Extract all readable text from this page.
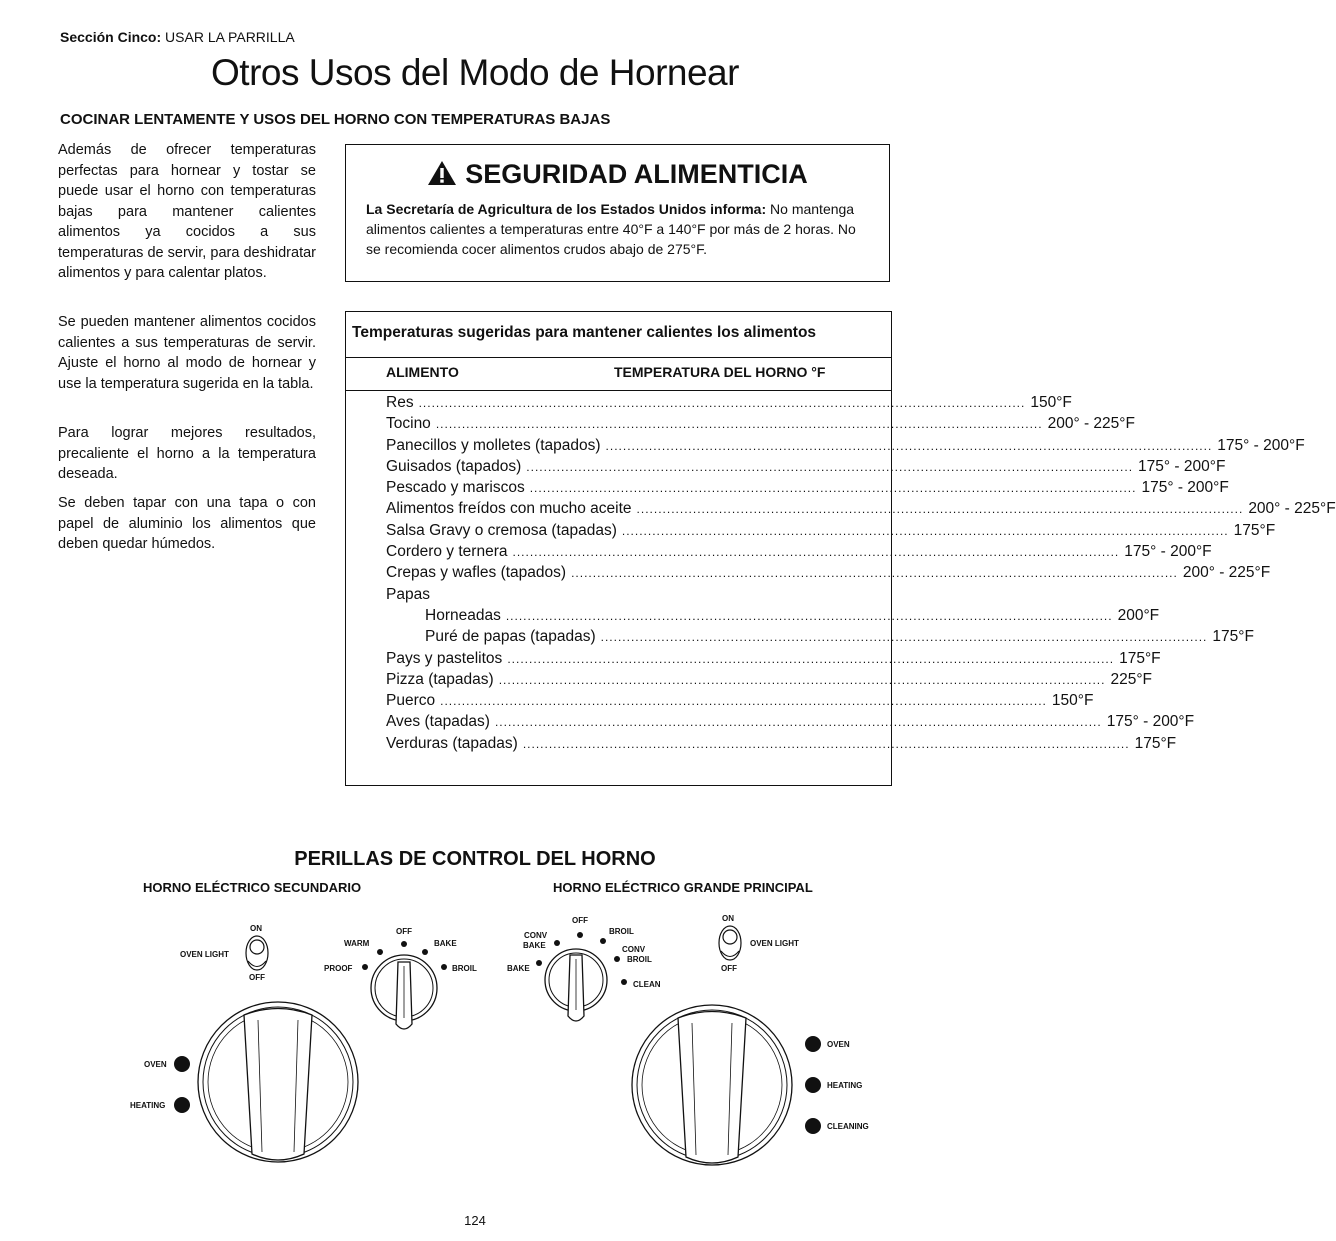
Sección Cinco: USAR LA PARRILLA
Otros Usos del Modo de Hornear
COCINAR LENTAMENTE Y USOS DEL HORNO CON TEMPERATURAS BAJAS
Además de ofrecer temperaturas perfectas para hornear y tostar se puede usar el horno con temperaturas bajas para mantener calientes alimentos ya cocidos a sus temperaturas de servir, para deshidratar alimentos y para calentar platos.
Se pueden mantener alimentos cocidos calientes a sus temperaturas de servir. Ajuste el horno al modo de hornear y use la temperatura sugerida en la tabla.
Para lograr mejores resultados, precaliente el horno a la temperatura deseada.
Se deben tapar con una tapa o con papel de aluminio los alimentos que deben quedar húmedos.
SEGURIDAD ALIMENTICIA
La Secretaría de Agricultura de los Estados Unidos informa: No mantenga alimentos calientes a temperaturas entre 40°F a 140°F por más de 2 horas. No se recomienda cocer alimentos crudos abajo de 275°F.
Temperaturas sugeridas para mantener calientes los alimentos
ALIMENTO	TEMPERATURA DEL HORNO °F
Res ............................................................................................................................................ 150°F
Tocino ............................................................................................................................................ 200° - 225°F
Panecillos y molletes (tapados) ............................................................................................................................................ 175° - 200°F
Guisados (tapados) ............................................................................................................................................ 175° - 200°F
Pescado y mariscos ............................................................................................................................................ 175° - 200°F
Alimentos freídos con mucho aceite ............................................................................................................................................ 200° - 225°F
Salsa Gravy o cremosa (tapadas) ............................................................................................................................................ 175°F
Cordero y ternera ............................................................................................................................................ 175° - 200°F
Crepas y wafles (tapados) ............................................................................................................................................ 200° - 225°F
Papas
Horneadas ............................................................................................................................................ 200°F
Puré de papas (tapadas) ............................................................................................................................................ 175°F
Pays y pastelitos ............................................................................................................................................ 175°F
Pizza (tapadas) ............................................................................................................................................ 225°F
Puerco ............................................................................................................................................ 150°F
Aves (tapadas) ............................................................................................................................................ 175° - 200°F
Verduras (tapadas) ............................................................................................................................................ 175°F
PERILLAS DE CONTROL DEL HORNO
HORNO ELÉCTRICO SECUNDARIO	HORNO ELÉCTRICO GRANDE PRINCIPAL
ON
OFF
OVEN LIGHT
WARM
OFF
BAKE
PROOF	BROIL
CONV
BAKE
OFF
BROIL
CONV
BROIL
BAKE
CLEAN
ON
OFF
OVEN LIGHT
OVEN
HEATING
OVEN
HEATING
CLEANING
124
